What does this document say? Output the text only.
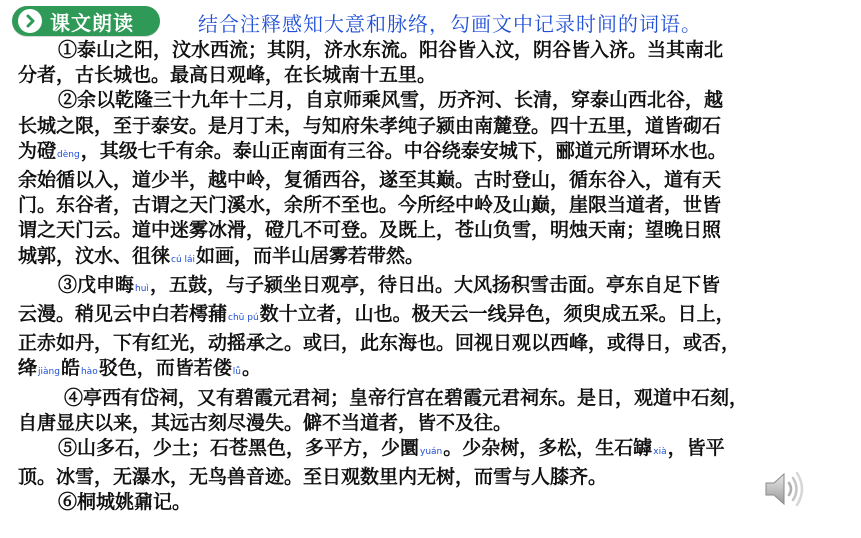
课文朗读	结合注释感知大意和脉络，勾画文中记录时间的词语。
①泰山之阳，汶水西流；其阴，济水东流。阳谷皆入汶，阴谷皆入济。当其南北
分者，古长城也。最高日观峰，在长城南十五里。
②余以乾隆三十九年十二月，自京师乘风雪，历齐河、长清，穿泰山西北谷，越
长城之限，至于泰安。是月丁未，与知府朱孝纯子颍由南麓登。四十五里，道皆砌石
为磴dèng，其级七千有余。泰山正南面有三谷。中谷绕泰安城下，郦道元所谓环水也。
余始循以入，道少半，越中岭，复循西谷，遂至其巅。古时登山，循东谷入，道有天
门。东谷者，古谓之天门溪水，余所不至也。今所经中岭及山巅，崖限当道者，世皆
谓之天门云。道中迷雾冰滑，磴几不可登。及既上，苍山负雪，明烛天南；望晚日照
城郭，汶水、徂徕cú lái如画，而半山居雾若带然。
③戊申晦huì，五鼓，与子颍坐日观亭，待日出。大风扬积雪击面。亭东自足下皆
云漫。稍见云中白若樗蒱chū pú数十立者，山也。极天云一线异色，须臾成五采。日上，
正赤如丹，下有红光，动摇承之。或曰，此东海也。回视日观以西峰，或得日，或否，
绛jiàng皓hào驳色，而皆若偻lǚ。
④亭西有岱祠，又有碧霞元君祠；皇帝行宫在碧霞元君祠东。是日，观道中石刻，
自唐显庆以来，其远古刻尽漫失。僻不当道者，皆不及往。
⑤山多石，少土；石苍黑色，多平方，少圜yuán。少杂树，多松，生石罅xià，皆平
顶。冰雪，无瀑水，无鸟兽音迹。至日观数里内无树，而雪与人膝齐。
⑥桐城姚鼐记。
